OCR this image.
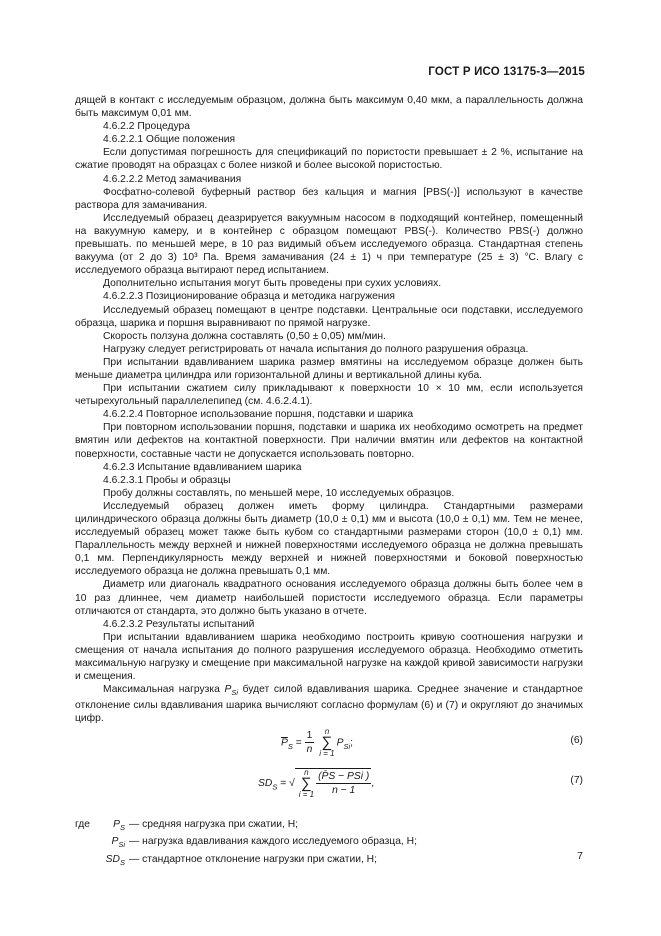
ГОСТ Р ИСО 13175-3—2015

дящей в контакт с исследуемым образцом, должна быть максимум 0,40 мкм, а параллельность должна быть максимум 0,01 мм.

4.6.2.2 Процедура

4.6.2.2.1 Общие положения

Если допустимая погрешность для спецификаций по пористости превышает ± 2 %, испытание на сжатие проводят на образцах с более низкой и более высокой пористостью.

4.6.2.2.2 Метод замачивания

Фосфатно-солевой буферный раствор без кальция и магния [PBS(-)] используют в качестве раствора для замачивания.

Исследуемый образец деазрируется вакуумным насосом в подходящий контейнер, помещенный на вакуумную камеру, и в контейнер с образцом помещают PBS(-). Количество PBS(-) должно превышать. по меньшей мере, в 10 раз видимый объем исследуемого образца. Стандартная степень вакуума (от 2 до 3) 10³ Па. Время замачивания (24 ± 1) ч при температуре (25 ± 3) °С. Влагу с исследуемого образца вытирают перед испытанием.

Дополнительно испытания могут быть проведены при сухих условиях.

4.6.2.2.3 Позиционирование образца и методика нагружения

Исследуемый образец помещают в центре подставки. Центральные оси подставки, исследуемого образца, шарика и поршня выравнивают по прямой нагрузке.

Скорость ползуна должна составлять (0,50 ± 0,05) мм/мин.

Нагрузку следует регистрировать от начала испытания до полного разрушения образца.

При испытании вдавливанием шарика размер вмятины на исследуемом образце должен быть меньше диаметра цилиндра или горизонтальной длины и вертикальной длины куба.

При испытании сжатием силу прикладывают к поверхности 10 × 10 мм, если используется четырехугольный параллелепипед (см. 4.6.2.4.1).

4.6.2.2.4 Повторное использование поршня, подставки и шарика

При повторном использовании поршня, подставки и шарика их необходимо осмотреть на предмет вмятин или дефектов на контактной поверхности. При наличии вмятин или дефектов на контактной поверхности, составные части не допускается использовать повторно.

4.6.2.3 Испытание вдавливанием шарика

4.6.2.3.1 Пробы и образцы

Пробу должны составлять, по меньшей мере, 10 исследуемых образцов.

Исследуемый образец должен иметь форму цилиндра. Стандартными размерами цилиндрического образца должны быть диаметр (10,0 ± 0,1) мм и высота (10,0 ± 0,1) мм. Тем не менее, исследуемый образец может также быть кубом со стандартными размерами сторон (10,0 ± 0,1) мм. Параллельность между верхней и нижней поверхностями исследуемого образца не должна превышать 0,1 мм. Перпендикулярность между верхней и нижней поверхностями и боковой поверхностью исследуемого образца не должна превышать 0,1 мм.

Диаметр или диагональ квадратного основания исследуемого образца должны быть более чем в 10 раз длиннее, чем диаметр наибольшей пористости исследуемого образца. Если параметры отличаются от стандарта, это должно быть указано в отчете.

4.6.2.3.2 Результаты испытаний

При испытании вдавливанием шарика необходимо построить кривую соотношения нагрузки и смещения от начала испытания до полного разрушения исследуемого образца. Необходимо отметить максимальную нагрузку и смещение при максимальной нагрузке на каждой кривой зависимости нагрузки и смещения.

Максимальная нагрузка $P_{Si}$ будет силой вдавливания шарика. Среднее значение и стандартное отклонение силы вдавливания шарика вычисляют согласно формулам (6) и (7) и округляют до значимых цифр.

$\overline{P}_S = \frac{1}{n}$ n
∑
$i = 1P_{Si}$;	(6)
$SD_S = √n$
∑
$i = 1 \frac{\text{(P̄S − PSi )}}{n - 1}$ ,	(7)
где	$P_S$ — средняя нагрузка при сжатии, Н;
$P_{Si}$ — нагрузка вдавливания каждого исследуемого образца, Н;
$SD_S$ — стандартное отклонение нагрузки при сжатии, Н;	7
